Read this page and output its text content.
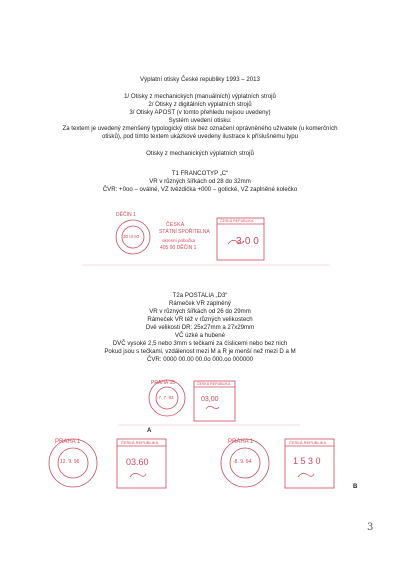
Výplatní otisky České republiky 1993 – 2013
1/ Otisky z mechanických (manuálních) výplatních strojů
2/ Otisky z digitálních výplatních strojů
3/ Otisky APOST (v tomto přehledu nejsou uvedeny)
Systém uvedení otisku:
Za textem je uvedený zmenšený typologický otisk bez označení oprávněného uživatele (u komerčních
otisků), pod tímto textem ukázkové uvedeny ilustrace k příslušnému typu
Otisky z mechanických výplatních strojů
T1 FRANCOTYP „C“
VR v různých šířkách od 28 do 32mm
ČVR: +0oo – oválné, VZ tvězdička +000 – gotické, VZ zaplněné kolečko
DĚČÍN 1
30 III 93
ČESKÁ
STÁTNÍ SPOŘITELNA
okresní pobočka
405 90 DĚČÍN 1
ČESKÁ REPUBLIKA
3·0 0
T2a POSTALIA „D3“
Rámeček VR zaplněný
VR v různých šířkách od 26 do 29mm
Rámeček VR též v různých velikostech
Dvě velikosti DR: 25x27mm a 27x29mm
VČ úzké a hubené
DVČ vysoké 2,5 nebo 3mm s tečkami za číslicemi nebo bez nich
Pokud jsou s tečkami, vzdálenost mezi M a R je menší než mezi D a M
ČVR: 0000 00.00 00.0o 000.oo 000000
PRAHA 35
-7. 7. 93
ČESKÁ REPUBLIKA
03,00
A
PRAHA 1
12. 9. 96
ČESKÁ REPUBLIKA
03.60
PRAHA 1
-8. 9. 94
ČESKÁ REPUBLIKA
1 5 3 0
B
3
